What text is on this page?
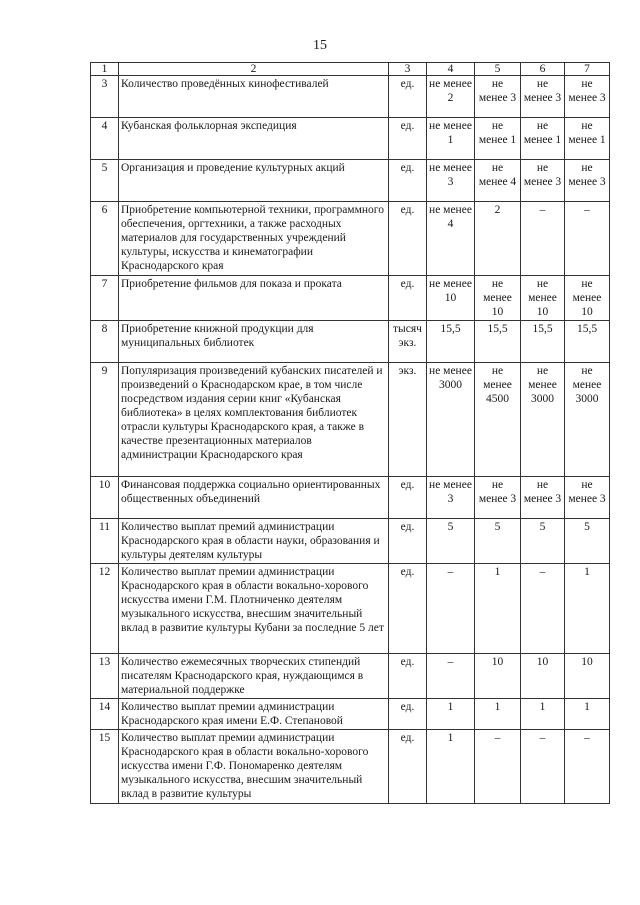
15
1	2	3	4	5	6	7
3	Количество проведённых кинофестивалей	ед.	не менее 2	не менее 3	не менее 3	не менее 3
4	Кубанская фольклорная экспедиция	ед.	не менее 1	не менее 1	не менее 1	не менее 1
5	Организация и проведение культурных акций	ед.	не менее 3	не менее 4	не менее 3	не менее 3
6	Приобретение компьютерной техники, программного обеспечения, оргтехники, а также расходных материалов для государственных учреждений культуры, искусства и кинематографии Краснодарского края	ед.	не менее 4	2	–	–
7	Приобретение фильмов для показа и проката	ед.	не менее 10	не менее 10	не менее 10	не менее 10
8	Приобретение книжной продукции для муниципальных библиотек	тысяч экз.	15,5	15,5	15,5	15,5
9	Популяризация произведений кубанских писателей и произведений о Краснодарском крае, в том числе посредством издания серии книг «Кубанская библиотека» в целях комплектования библиотек отрасли культуры Краснодарского края, а также в качестве презентационных материалов администрации Краснодарского края	экз.	не менее 3000	не менее 4500	не менее 3000	не менее 3000
10	Финансовая поддержка социально ориентированных общественных объединений	ед.	не менее 3	не менее 3	не менее 3	не менее 3
11	Количество выплат премий администрации Краснодарского края в области науки, образования и культуры деятелям культуры	ед.	5	5	5	5
12	Количество выплат премии администрации Краснодарского края в области вокально-хорового искусства имени Г.М. Плотниченко деятелям музыкального искусства, внесшим значительный вклад в развитие культуры Кубани за последние 5 лет	ед.	–	1	–	1
13	Количество ежемесячных творческих стипендий писателям Краснодарского края, нуждающимся в материальной поддержке	ед.	–	10	10	10
14	Количество выплат премии администрации Краснодарского края имени Е.Ф. Степановой	ед.	1	1	1	1
15	Количество выплат премии администрации Краснодарского края в области вокально-хорового искусства имени Г.Ф. Пономаренко деятелям музыкального искусства, внесшим значительный вклад в развитие культуры	ед.	1	–	–	–
